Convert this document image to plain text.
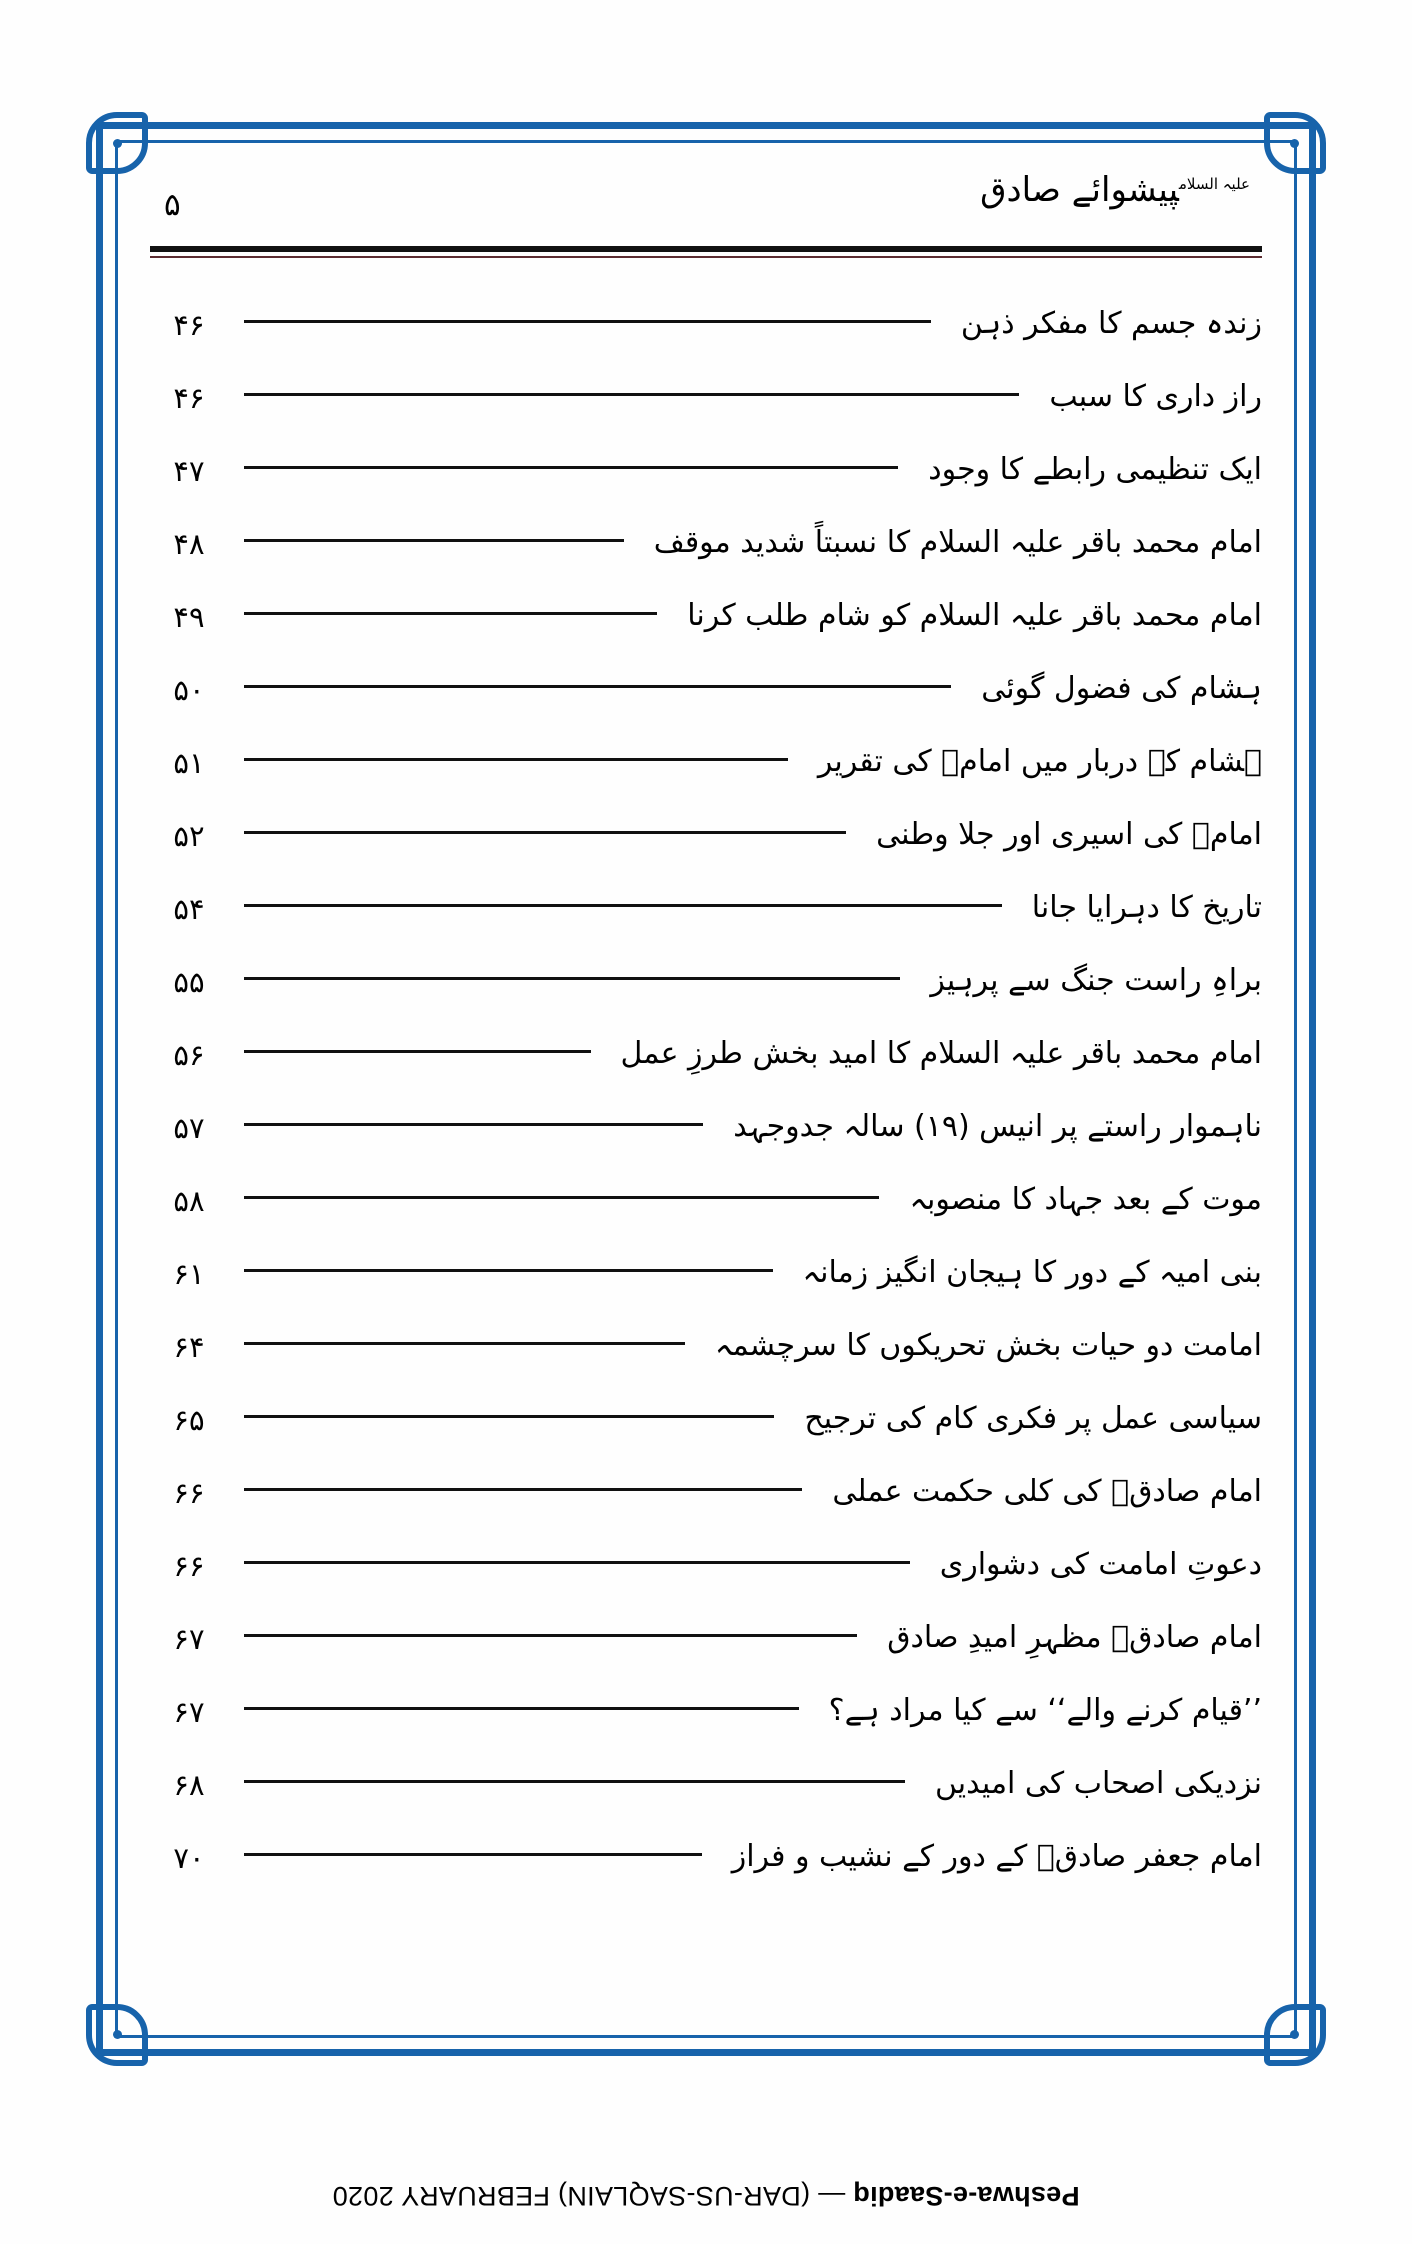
۵
$^{علیہ السلام}$پیشوائے صادق
زندہ جسم کا مفکر ذہن
۴۶
راز داری کا سبب
۴۶
ایک تنظیمی رابطے کا وجود
۴۷
امام محمد باقر علیہ السلام کا نسبتاً شدید موقف
۴۸
امام محمد باقر علیہ السلام کو شام طلب کرنا
۴۹
ہشام کی فضول گوئی
۵۰
ہشام کے دربار میں امامؑ کی تقریر
۵۱
امامؑ کی اسیری اور جلا وطنی
۵۲
تاریخ کا دہرایا جانا
۵۴
براہِ راست جنگ سے پرہیز
۵۵
امام محمد باقر علیہ السلام کا امید بخش طرزِ عمل
۵۶
ناہموار راستے پر انیس (۱۹) سالہ جدوجہد
۵۷
موت کے بعد جہاد کا منصوبہ
۵۸
بنی امیہ کے دور کا ہیجان انگیز زمانہ
۶۱
امامت دو حیات بخش تحریکوں کا سرچشمہ
۶۴
سیاسی عمل پر فکری کام کی ترجیح
۶۵
امام صادقؑ کی کلی حکمت عملی
۶۶
دعوتِ امامت کی دشواری
۶۶
امام صادقؑ مظہرِ امیدِ صادق
۶۷
’’قیام کرنے والے‘‘ سے کیا مراد ہے؟
۶۷
نزدیکی اصحاب کی امیدیں
۶۸
امام جعفر صادقؑ کے دور کے نشیب و فراز
۷۰
Peshwa-e-Saadiq — (DAR-US-SAQLAIN) FEBRUARY 2020
